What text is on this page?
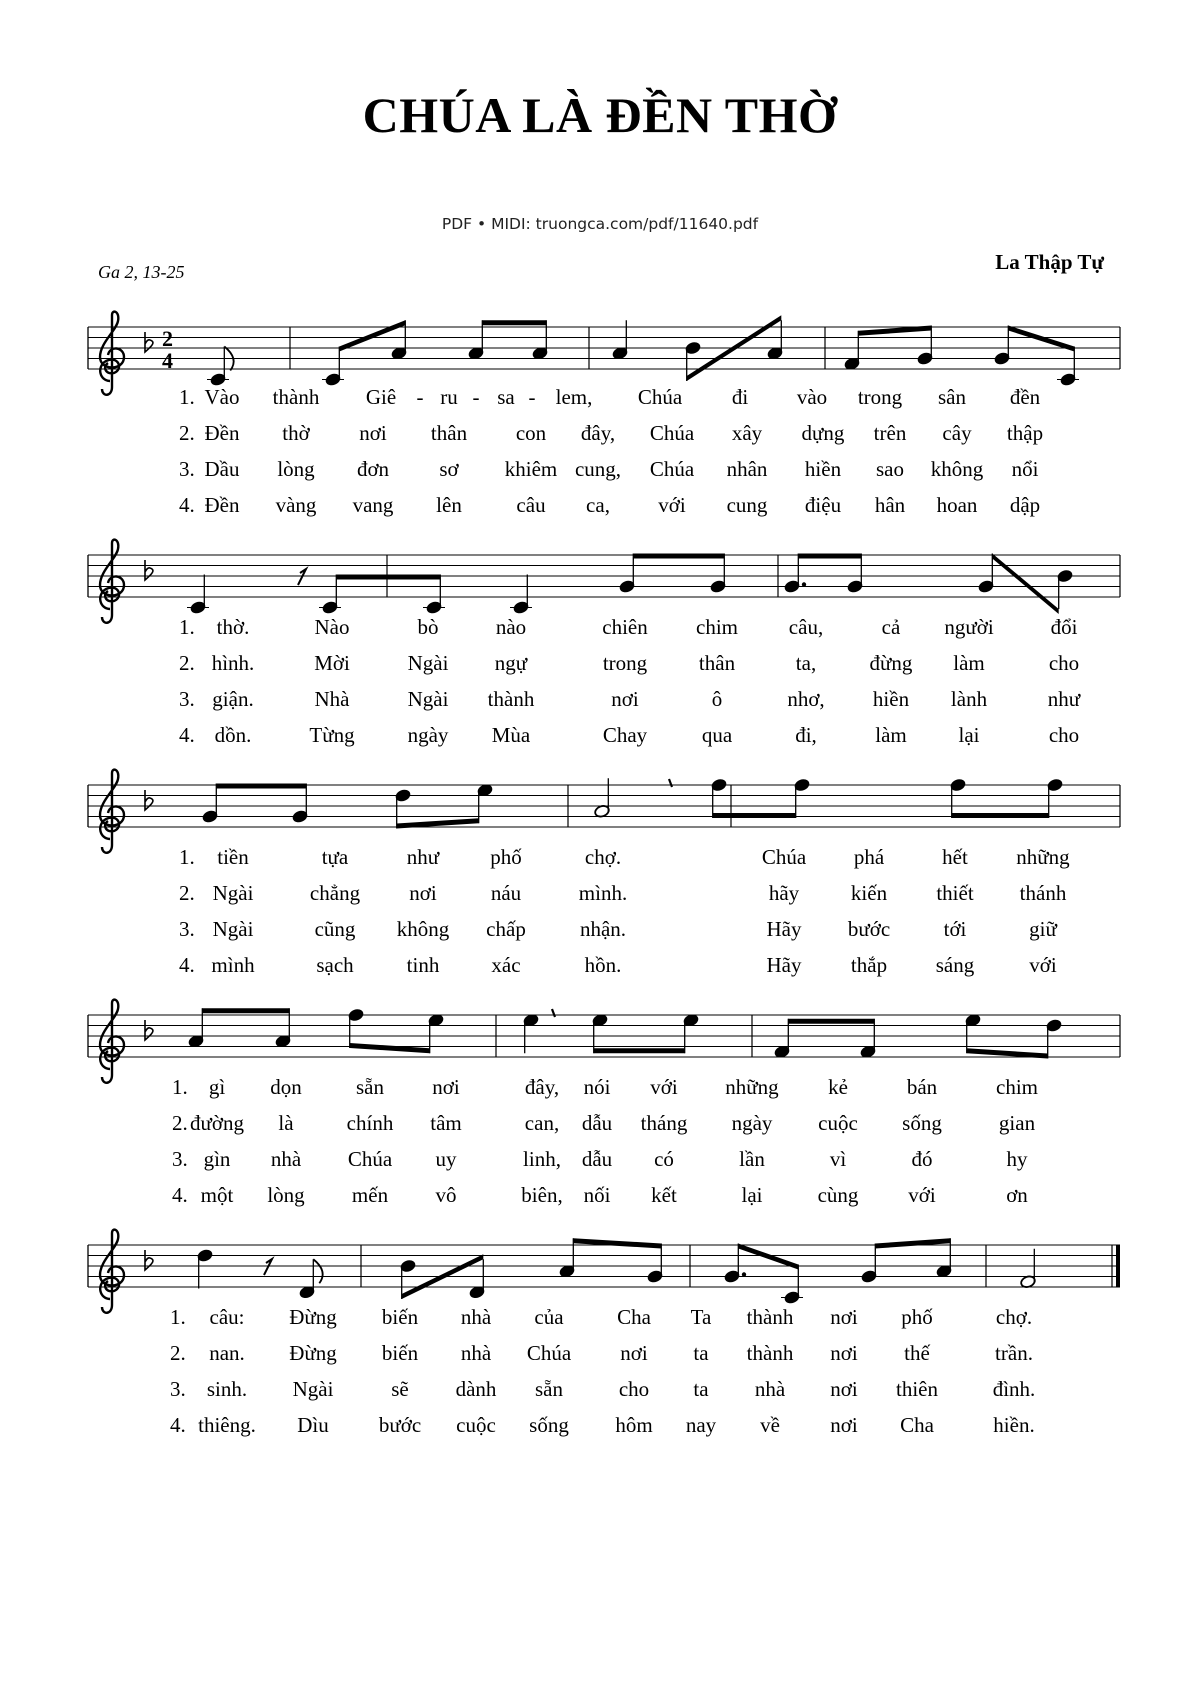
CHÚA LÀ ĐỀN THỜ
PDF • MIDI: truongca.com/pdf/11640.pdf
Ga 2, 13-25	La Thập Tự
2
4
1. Vào thành Giê - ru - sa - lem, Chúa đi vào trong sân đền
2. Đền thờ nơi thân con đây, Chúa xây dựng trên cây thập
3. Dầu lòng đơn sơ khiêm cung, Chúa nhân hiền sao không nổi
4. Đền vàng vang lên	câu ca, với cung điệu hân hoan dập
1. thờ.	Nào	bò	nào	chiên chim câu,	cả người	đổi
2. hình.	Mời	Ngài ngự	trong thân	ta,	đừng làm	cho
3. giận.	Nhà	Ngài thành	nơi	ô	nhơ, hiền lành	như
4. dồn.	Từng	ngày Mùa	Chay	qua	đi,	làm lại	cho
1. tiền	tựa	như phố	chợ.	Chúa phá	hết những
2. Ngài	chẳng nơi	náu	mình.	hãy kiến thiết thánh
3. Ngài	cũng không chấp	nhận.	Hãy bước	tới	giữ
4. mình	sạch	tinh xác	hồn.	Hãy thắp sáng	với
1. gì dọn	sẵn nơi	đây, nói với những kẻ	bán	chim
2. đường là	chính tâm	can, dẫu tháng ngày cuộc sống	gian
3. gìn nhà Chúa uy	linh, dẫu có	lần	vì	đó	hy
4. một lòng mến vô	biên, nối kết	lại	cùng với	ơn
1. câu: Đừng biến nhà của	Cha Ta thành nơi phố	chợ.
2. nan. Đừng biến nhà Chúa nơi ta thành nơi thế	trần.
3. sinh. Ngài	sẽ dành sẵn	cho ta nhà nơi thiên	đình.
4. thiêng. Dìu bước cuộc sống hôm nay về nơi Cha	hiền.
